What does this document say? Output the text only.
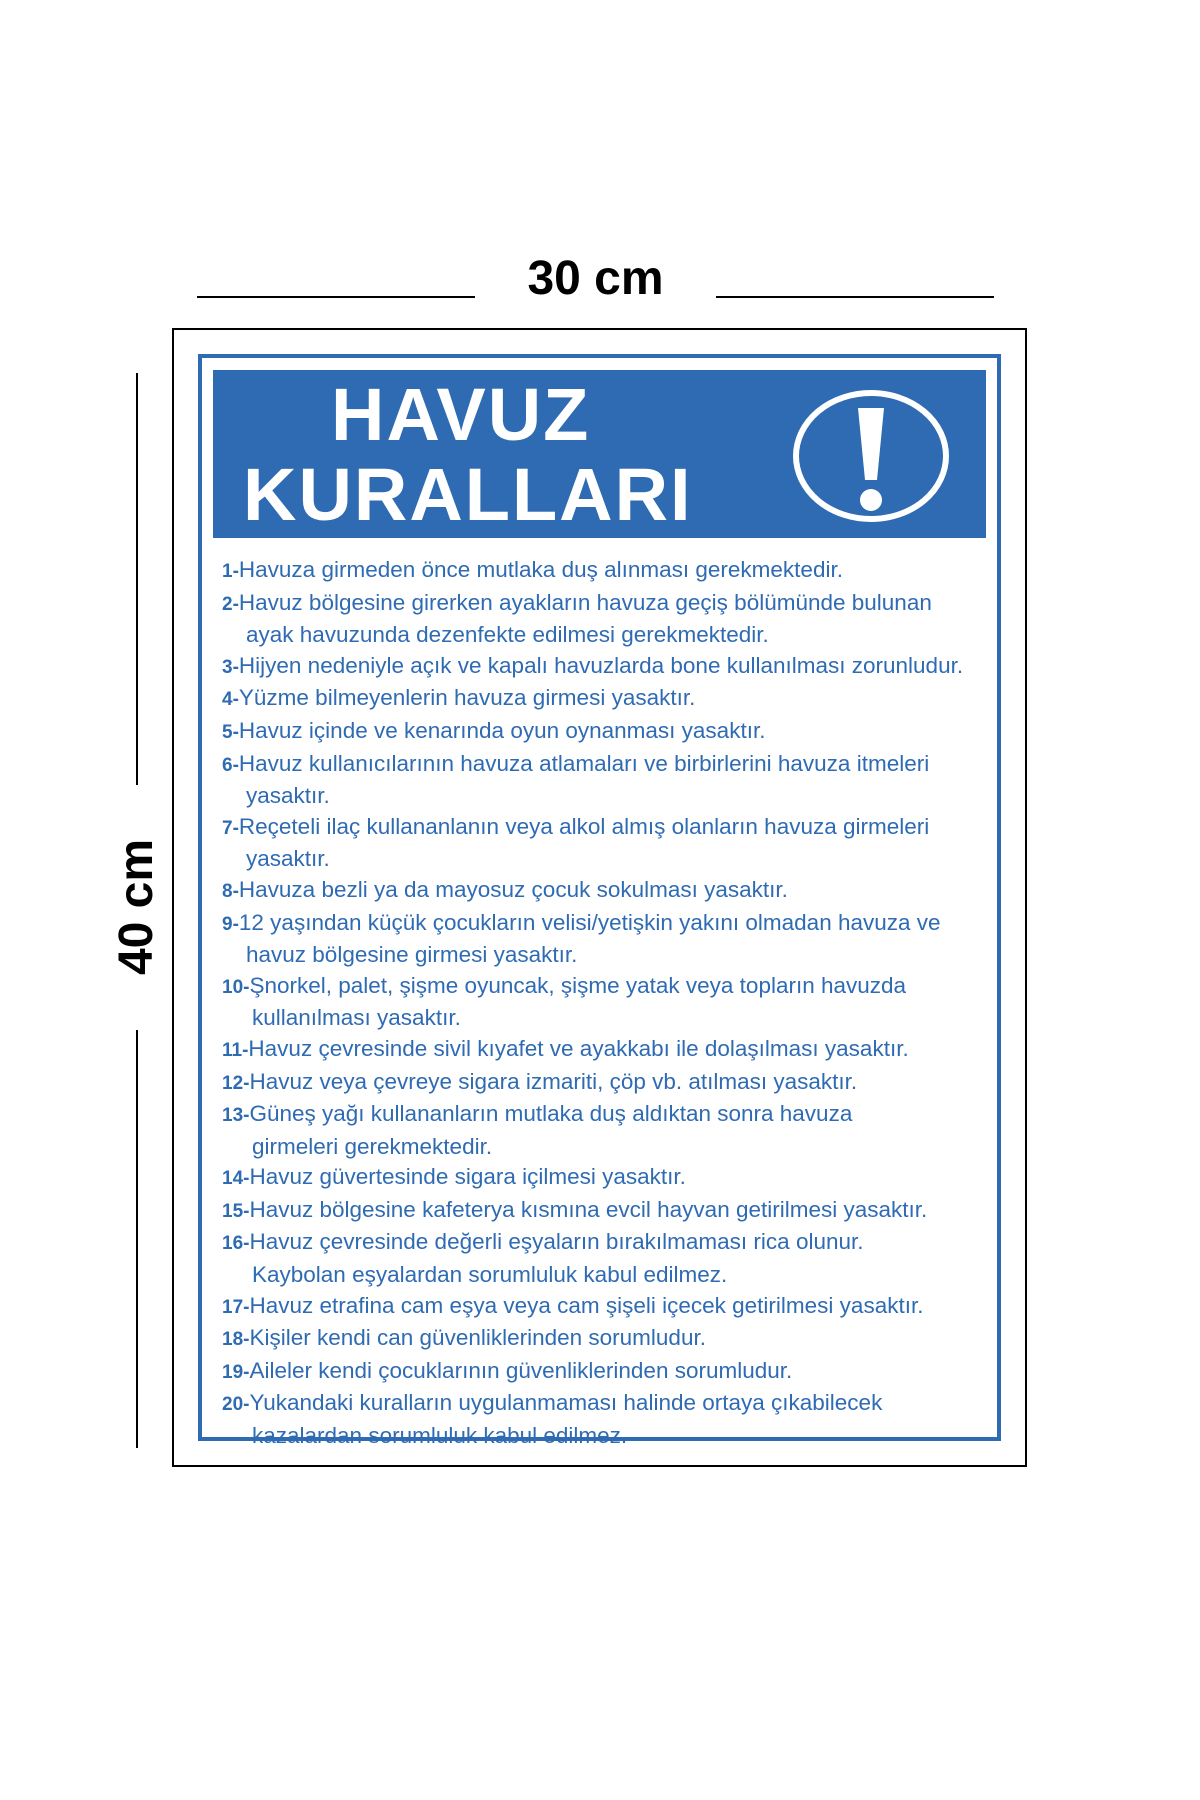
30 cm
40 cm
HAVUZ
KURALLARI
1-Havuza girmeden önce mutlaka duş alınması gerekmektedir.
2-Havuz bölgesine girerken ayakların havuza geçiş bölümünde bulunan
ayak havuzunda dezenfekte edilmesi gerekmektedir.
3-Hijyen nedeniyle açık ve kapalı havuzlarda bone kullanılması zorunludur.
4-Yüzme bilmeyenlerin havuza girmesi yasaktır.
5-Havuz içinde ve kenarında oyun oynanması yasaktır.
6-Havuz kullanıcılarının havuza atlamaları ve birbirlerini havuza itmeleri
yasaktır.
7-Reçeteli ilaç kullananlanın veya alkol almış olanların havuza girmeleri
yasaktır.
8-Havuza bezli ya da mayosuz çocuk sokulması yasaktır.
9-12 yaşından küçük çocukların velisi/yetişkin yakını olmadan havuza ve
havuz bölgesine girmesi yasaktır.
10-Şnorkel, palet, şişme oyuncak, şişme yatak veya topların havuzda
kullanılması yasaktır.
11-Havuz çevresinde sivil kıyafet ve ayakkabı ile dolaşılması yasaktır.
12-Havuz veya çevreye sigara izmariti, çöp vb. atılması yasaktır.
13-Güneş yağı kullananların mutlaka duş aldıktan sonra havuza
girmeleri gerekmektedir.
14-Havuz güvertesinde sigara içilmesi yasaktır.
15-Havuz bölgesine kafeterya kısmına evcil hayvan getirilmesi yasaktır.
16-Havuz çevresinde değerli eşyaların bırakılmaması rica olunur.
Kaybolan eşyalardan sorumluluk kabul edilmez.
17-Havuz etrafina cam eşya veya cam şişeli içecek getirilmesi yasaktır.
18-Kişiler kendi can güvenliklerinden sorumludur.
19-Aileler kendi çocuklarının güvenliklerinden sorumludur.
20-Yukandaki kuralların uygulanmaması halinde ortaya çıkabilecek
kazalardan sorumluluk kabul edilmez.
